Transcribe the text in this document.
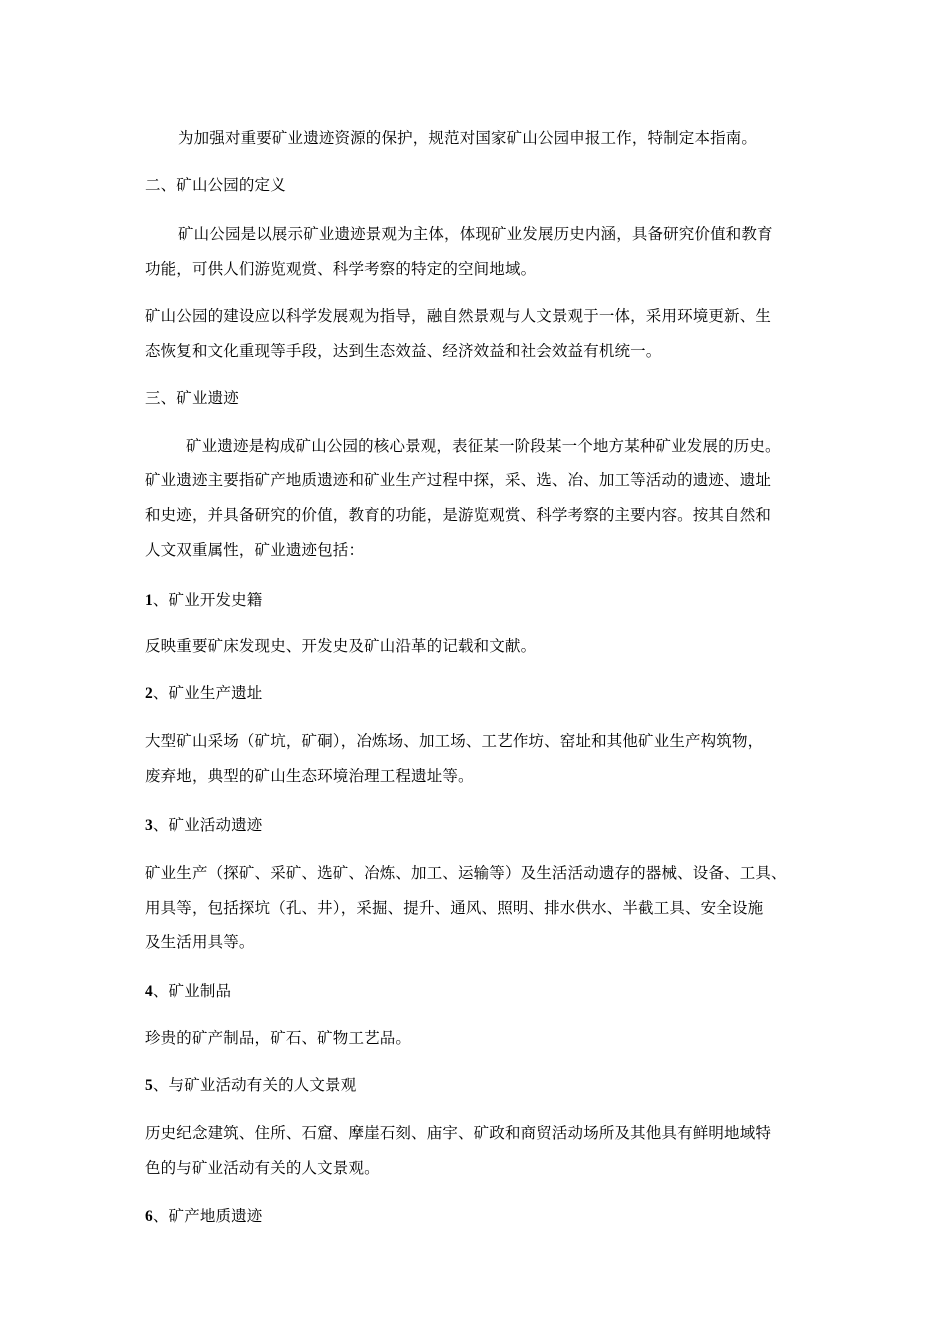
为加强对重要矿业遗迹资源的保护，规范对国家矿山公园申报工作，特制定本指南。

二、矿山公园的定义

矿山公园是以展示矿业遗迹景观为主体，体现矿业发展历史内涵，具备研究价值和教育

功能，可供人们游览观赏、科学考察的特定的空间地域。

矿山公园的建设应以科学发展观为指导，融自然景观与人文景观于一体，采用环境更新、生

态恢复和文化重现等手段，达到生态效益、经济效益和社会效益有机统一。

三、矿业遗迹

矿业遗迹是构成矿山公园的核心景观，表征某一阶段某一个地方某种矿业发展的历史。

矿业遗迹主要指矿产地质遗迹和矿业生产过程中探，采、选、冶、加工等活动的遗迹、遗址

和史迹，并具备研究的价值，教育的功能，是游览观赏、科学考察的主要内容。按其自然和

人文双重属性，矿业遗迹包括：

1、矿业开发史籍

反映重要矿床发现史、开发史及矿山沿革的记载和文献。

2、矿业生产遗址

大型矿山采场（矿坑，矿硐），冶炼场、加工场、工艺作坊、窑址和其他矿业生产构筑物，

废弃地，典型的矿山生态环境治理工程遗址等。

3、矿业活动遗迹

矿业生产（探矿、采矿、选矿、冶炼、加工、运输等）及生活活动遗存的器械、设备、工具、

用具等，包括探坑（孔、井），采掘、提升、通风、照明、排水供水、半截工具、安全设施

及生活用具等。

4、矿业制品

珍贵的矿产制品，矿石、矿物工艺品。

5、与矿业活动有关的人文景观

历史纪念建筑、住所、石窟、摩崖石刻、庙宇、矿政和商贸活动场所及其他具有鲜明地域特

色的与矿业活动有关的人文景观。

6、矿产地质遗迹
